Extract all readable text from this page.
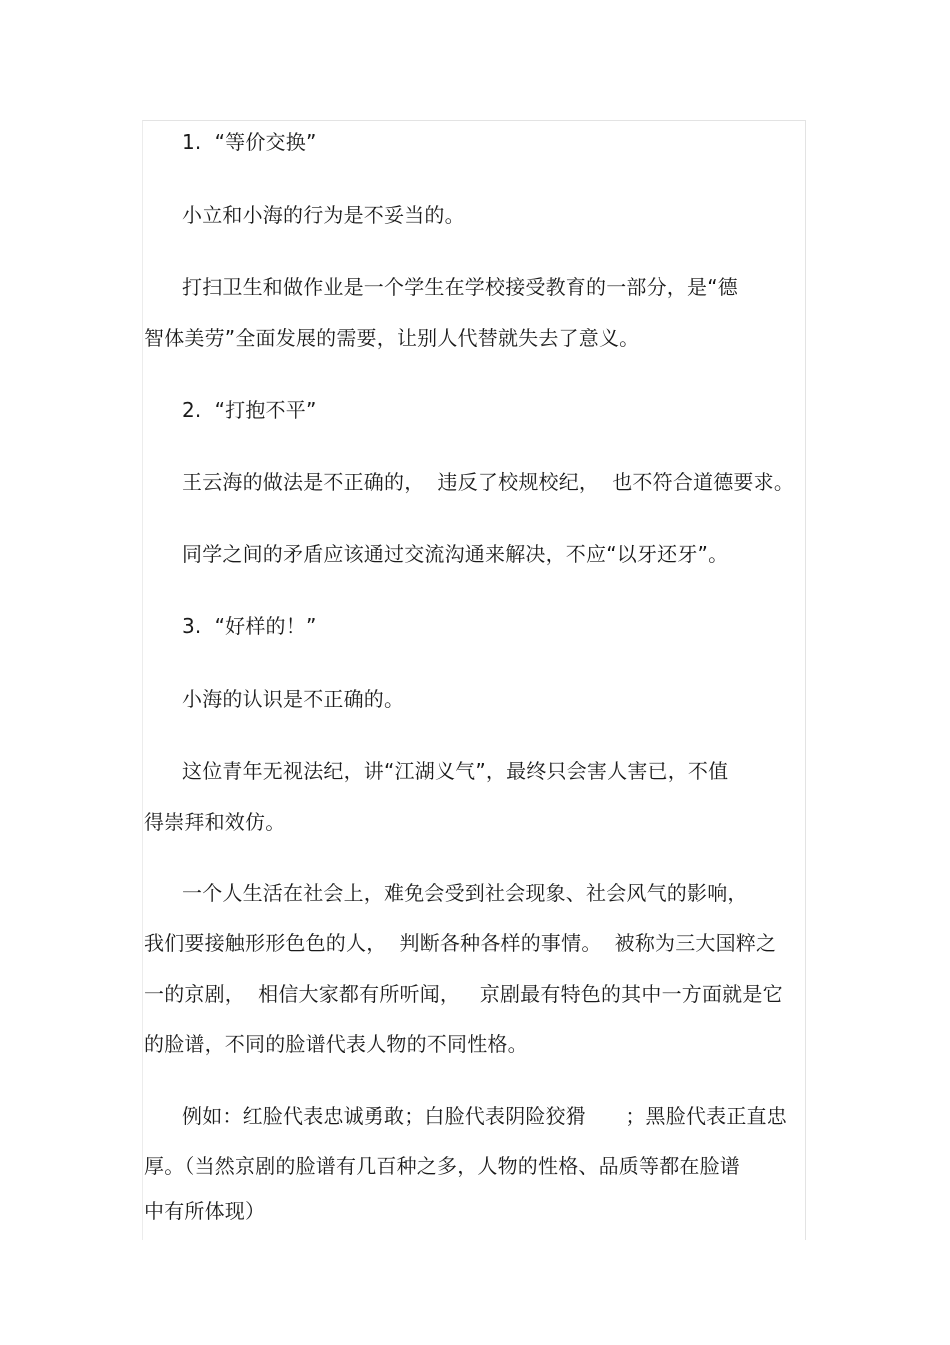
1.  “等价交换”
小立和小海的行为是不妥当的。
打扫卫生和做作业是一个学生在学校接受教育的一部分，是“德
智体美劳”全面发展的需要，让别人代替就失去了意义。
2.  “打抱不平”
王云海的做法是不正确的，  违反了校规校纪，  也不符合道德要求。
同学之间的矛盾应该通过交流沟通来解决，不应“以牙还牙”。
3.  “好样的！”
小海的认识是不正确的。
这位青年无视法纪，讲“江湖义气”，最终只会害人害已，不值
得崇拜和效仿。
一个人生活在社会上，难免会受到社会现象、社会风气的影响，
我们要接触形形色色的人，  判断各种各样的事情。  被称为三大国粹之
一的京剧，  相信大家都有所听闻，   京剧最有特色的其中一方面就是它
的脸谱，不同的脸谱代表人物的不同性格。
例如：红脸代表忠诚勇敢；白脸代表阴险狡猾      ；黑脸代表正直忠
厚。（当然京剧的脸谱有几百种之多，人物的性格、品质等都在脸谱
中有所体现）
